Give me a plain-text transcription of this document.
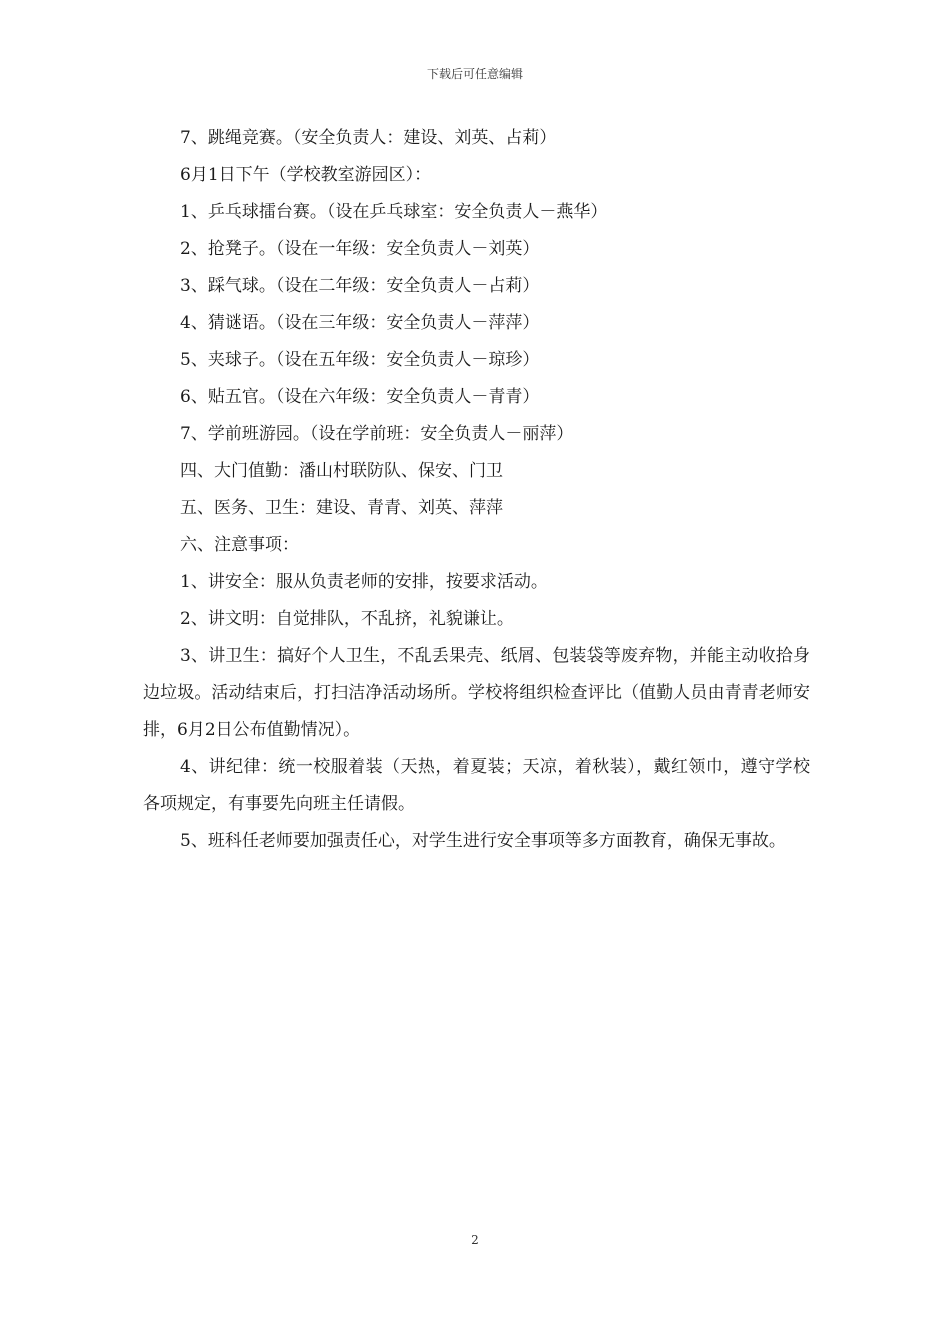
下载后可任意编辑

7、跳绳竞赛。（安全负责人：建设、刘英、占莉）

6月1日下午（学校教室游园区）：

1、乒乓球擂台赛。（设在乒乓球室：安全负责人－燕华）

2、抢凳子。（设在一年级：安全负责人－刘英）

3、踩气球。（设在二年级：安全负责人－占莉）

4、猜谜语。（设在三年级：安全负责人－萍萍）

5、夹球子。（设在五年级：安全负责人－琼珍）

6、贴五官。（设在六年级：安全负责人－青青）

7、学前班游园。（设在学前班：安全负责人－丽萍）

四、大门值勤：潘山村联防队、保安、门卫

五、医务、卫生：建设、青青、刘英、萍萍

六、注意事项：

1、讲安全：服从负责老师的安排，按要求活动。

2、讲文明：自觉排队，不乱挤，礼貌谦让。

3、讲卫生：搞好个人卫生，不乱丢果壳、纸屑、包装袋等废弃物，并能主动收拾身边垃圾。活动结束后，打扫洁净活动场所。学校将组织检查评比（值勤人员由青青老师安排，6月2日公布值勤情况）。

4、讲纪律：统一校服着装（天热，着夏装；天凉，着秋装），戴红领巾，遵守学校各项规定，有事要先向班主任请假。

5、班科任老师要加强责任心，对学生进行安全事项等多方面教育，确保无事故。

2
